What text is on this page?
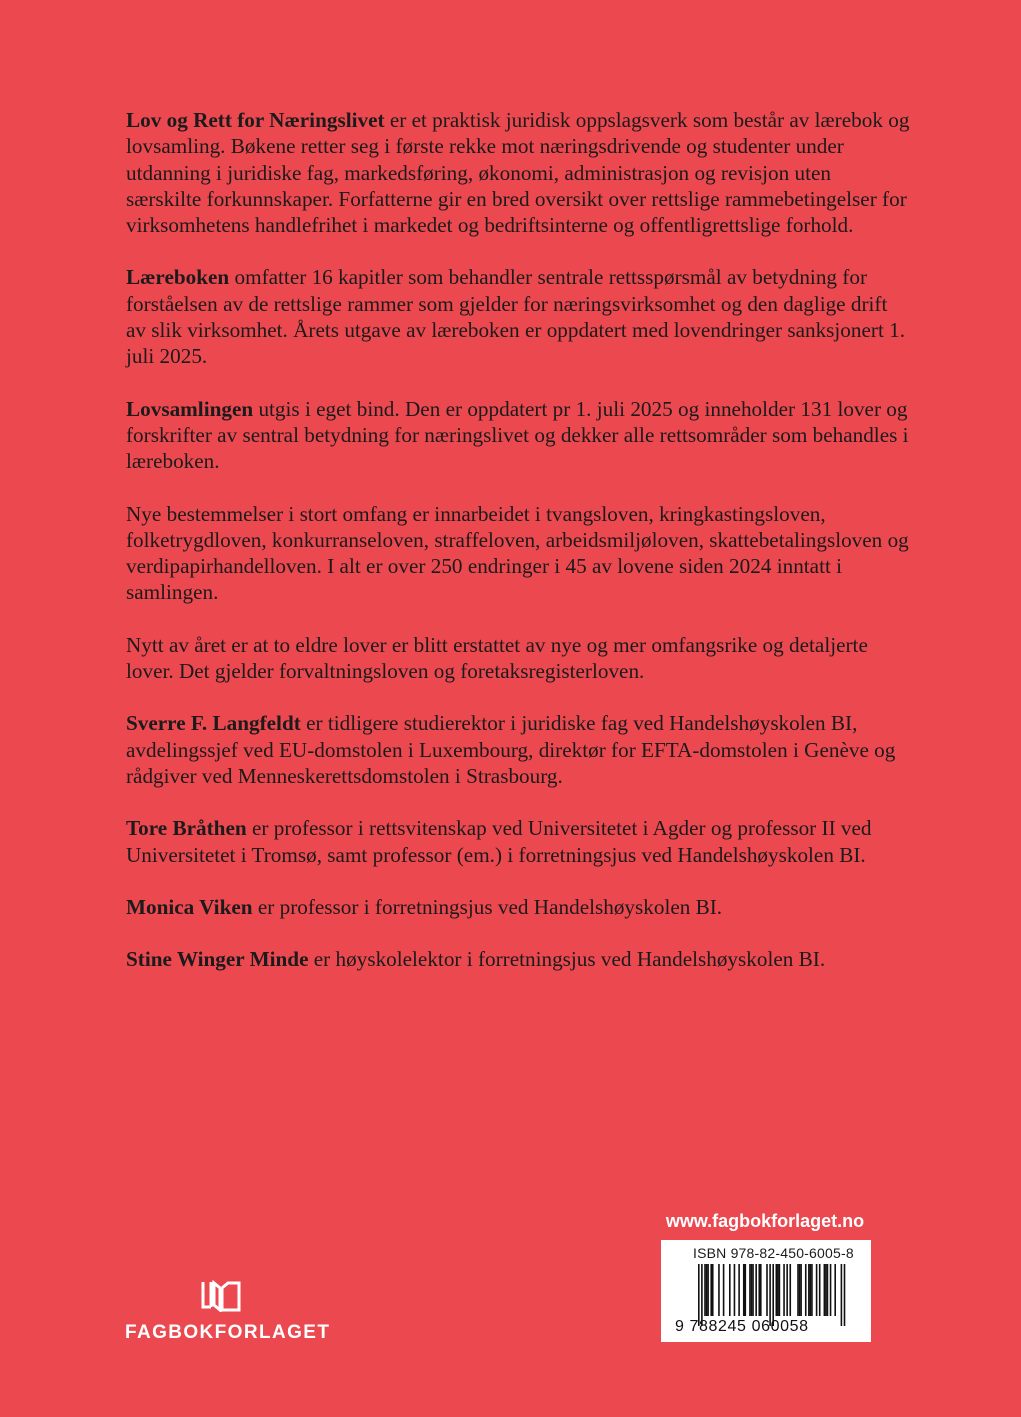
Lov og Rett for Næringslivet er et praktisk juridisk oppslagsverk som består av lærebok og lovsamling. Bøkene retter seg i første rekke mot næringsdrivende og studenter under utdanning i juridiske fag, markedsføring, økonomi, administrasjon og revisjon uten særskilte forkunnskaper. Forfatterne gir en bred oversikt over rettslige rammebetingelser for virksomhetens handlefrihet i markedet og bedriftsinterne og offentligrettslige forhold.

Læreboken omfatter 16 kapitler som behandler sentrale rettsspørsmål av betydning for forståelsen av de rettslige rammer som gjelder for næringsvirksomhet og den daglige drift av slik virksomhet. Årets utgave av læreboken er oppdatert med lovendringer sanksjonert 1. juli 2025.

Lovsamlingen utgis i eget bind. Den er oppdatert pr 1. juli 2025 og inneholder 131 lover og forskrifter av sentral betydning for næringslivet og dekker alle rettsområder som behandles i læreboken.

Nye bestemmelser i stort omfang er innarbeidet i tvangsloven, kringkastingsloven, folketrygdloven, konkurranseloven, straffeloven, arbeidsmiljøloven, skattebetalingsloven og verdipapirhandelloven. I alt er over 250 endringer i 45 av lovene siden 2024 inntatt i samlingen.

Nytt av året er at to eldre lover er blitt erstattet av nye og mer omfangsrike og detaljerte lover. Det gjelder forvaltningsloven og foretaksregisterloven.

Sverre F. Langfeldt er tidligere studierektor i juridiske fag ved Handelshøyskolen BI, avdelingssjef ved EU-domstolen i Luxembourg, direktør for EFTA-domstolen i Genève og rådgiver ved Menneskerettsdomstolen i Strasbourg.

Tore Bråthen er professor i rettsvitenskap ved Universitetet i Agder og professor II ved Universitetet i Tromsø, samt professor (em.) i forretningsjus ved Handelshøyskolen BI.

Monica Viken er professor i forretningsjus ved Handelshøyskolen BI.

Stine Winger Minde er høyskolelektor i forretningsjus ved Handelshøyskolen BI.

www.fagbokforlaget.no
ISBN 978-82-450-6005-8
9 788245 060058
FAGBOKFORLAGET
